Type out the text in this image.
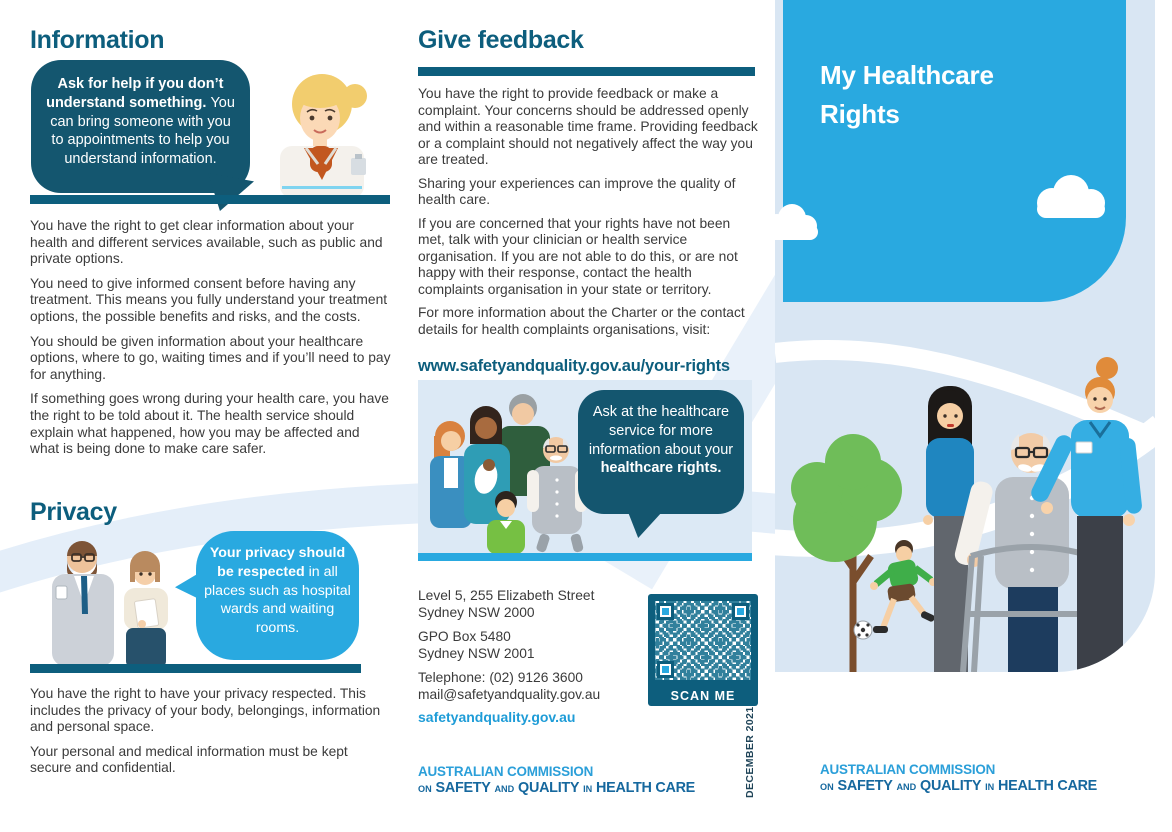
Information
Ask for help if you don’t understand something. You can bring someone with you to appointments to help you understand information.

You have the right to get clear information about your health and different services available, such as public and private options.

You need to give informed consent before having any treatment. This means you fully understand your treatment options, the possible benefits and risks, and the costs.

You should be given information about your healthcare options, where to go, waiting times and if you’ll need to pay for anything.

If something goes wrong during your health care, you have the right to be told about it. The health service should explain what happened, how you may be affected and what is being done to make care safer.

Privacy
Your privacy should be respected in all places such as hospital wards and waiting rooms.

You have the right to have your privacy respected. This includes the privacy of your body, belongings, information and personal space.

Your personal and medical information must be kept secure and confidential.

Give feedback

You have the right to provide feedback or make a complaint. Your concerns should be addressed openly and within a reasonable time frame. Providing feedback or a complaint should not negatively affect the way you are treated.

Sharing your experiences can improve the quality of health care.

If you are concerned that your rights have not been met, talk with your clinician or health service organisation. If you are not able to do this, or are not happy with their response, contact the health complaints organisation in your state or territory.

For more information about the Charter or the contact details for health complaints organisations, visit:

www.safetyandquality.gov.au/your-rights
Ask at the healthcare service for more information about your healthcare rights.
Level 5, 255 Elizabeth Street
Sydney NSW 2000
GPO Box 5480
Sydney NSW 2001
Telephone: (02) 9126 3600
mail@safetyandquality.gov.au
safetyandquality.gov.au
SCAN ME
DECEMBER 2021
AUSTRALIAN COMMISSION
ON SAFETY AND QUALITY IN HEALTH CARE
My Healthcare
Rights
AUSTRALIAN COMMISSION
ON SAFETY AND QUALITY IN HEALTH CARE
